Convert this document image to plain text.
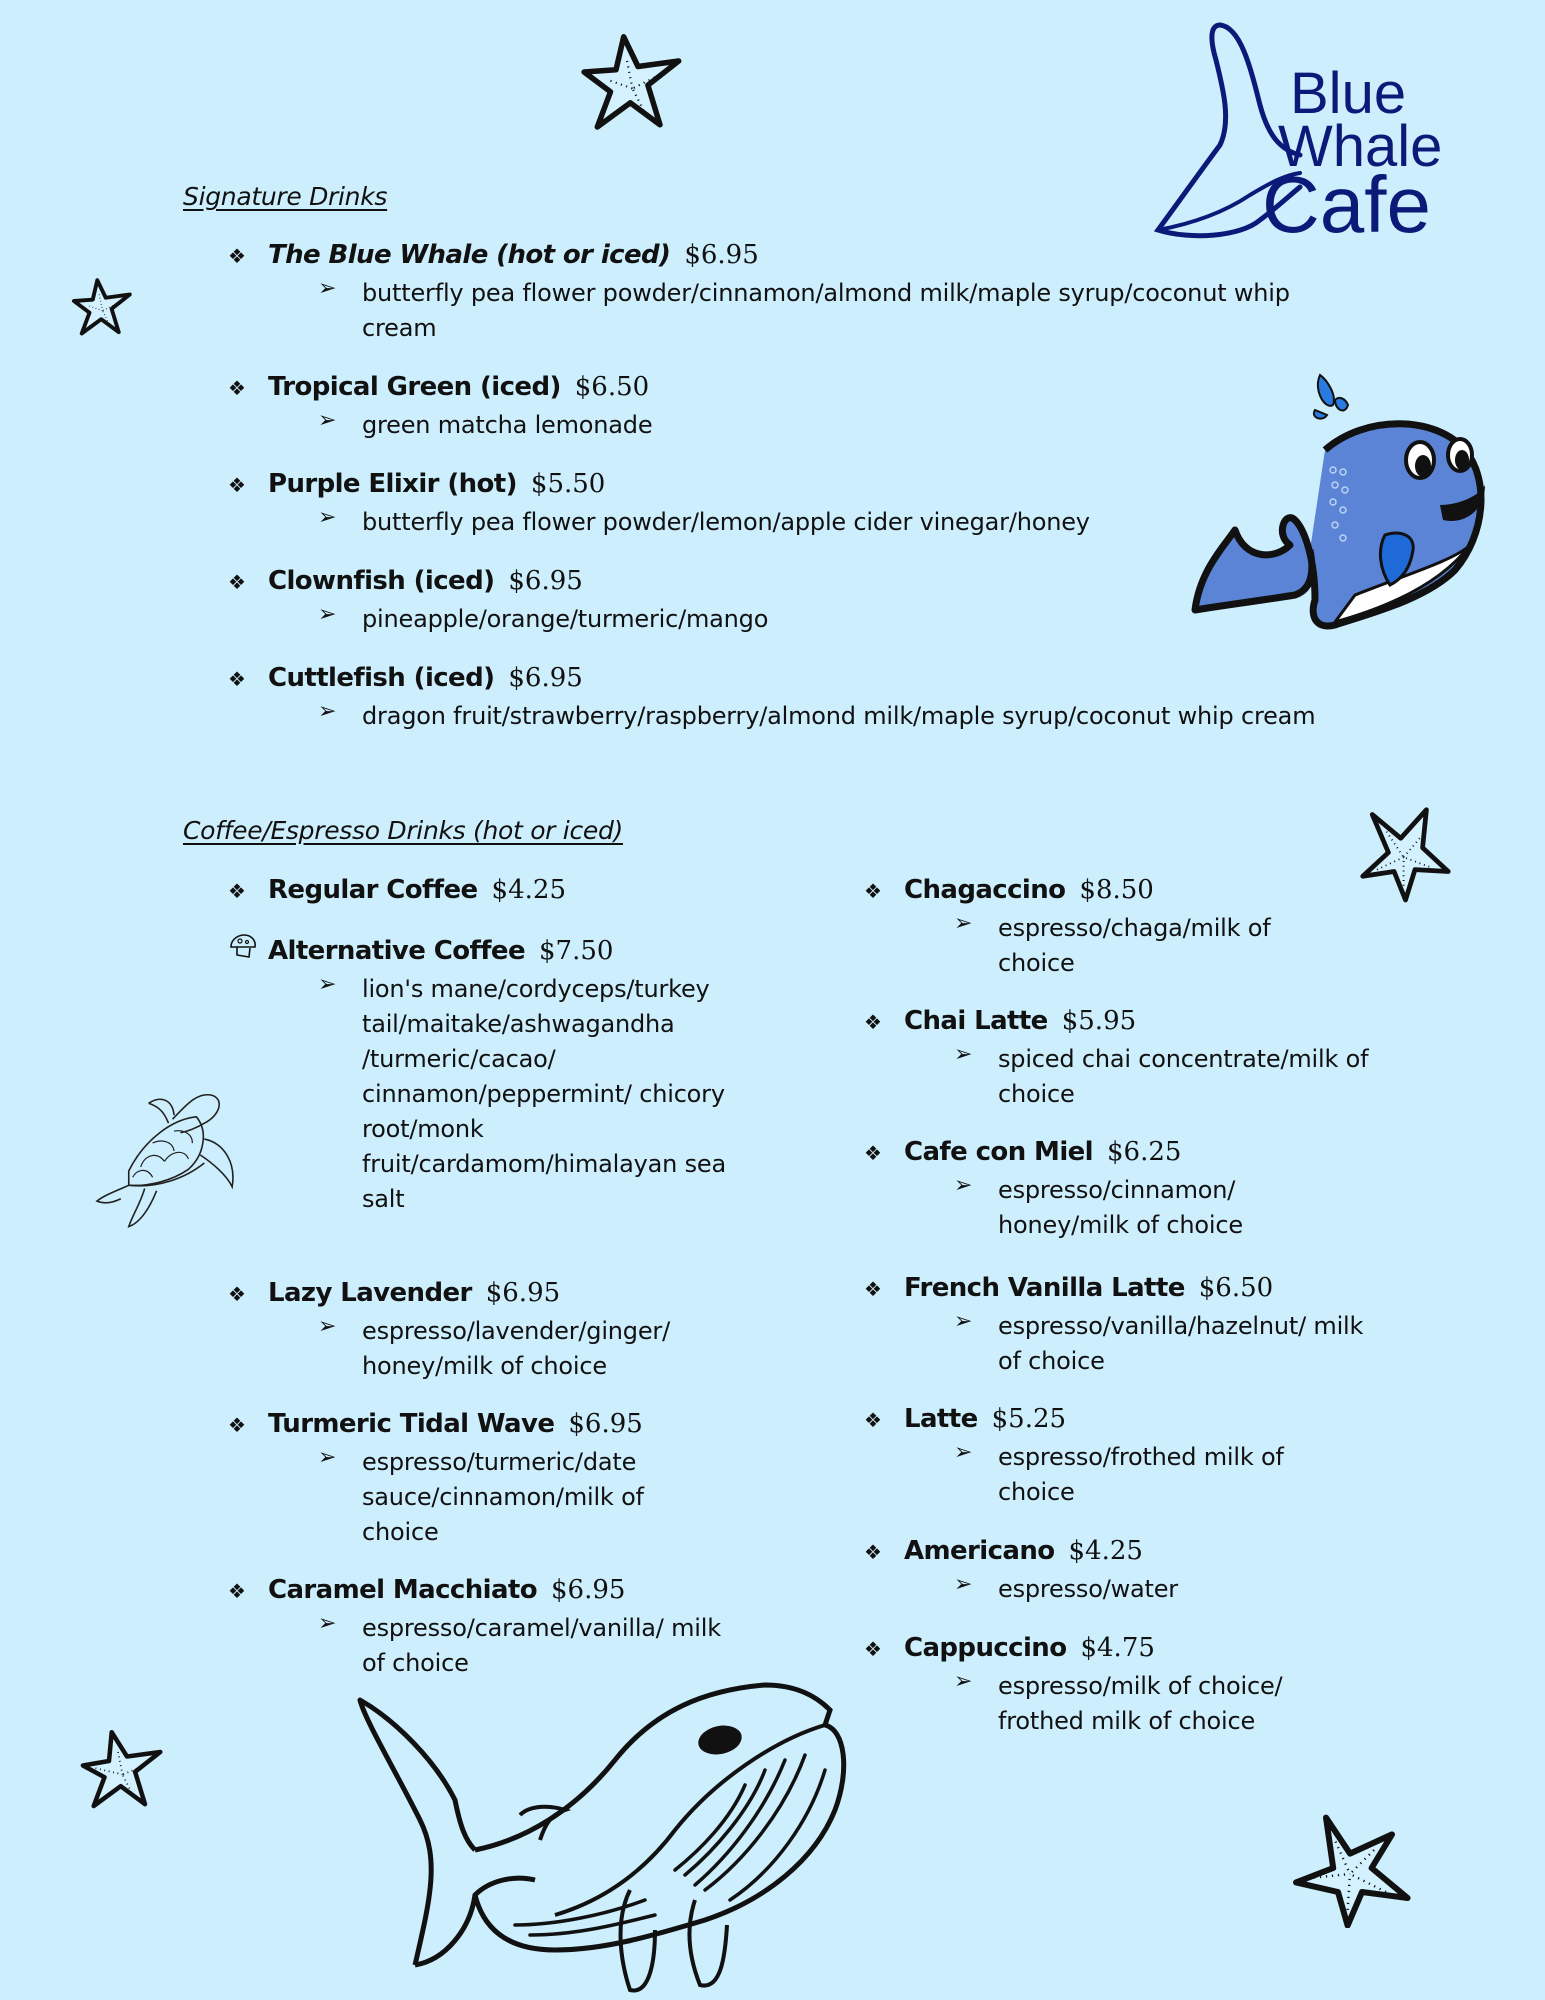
Blue
Whale
Cafe
Signature Drinks
❖ The Blue Whale (hot or iced) $6.95
➢	butterfly pea flower powder/cinnamon/almond milk/maple syrup/coconut whip cream
❖ Tropical Green (iced) $6.50
➢	green matcha lemonade
❖ Purple Elixir (hot) $5.50
➢	butterfly pea flower powder/lemon/apple cider vinegar/honey
❖ Clownfish (iced) $6.95
➢	pineapple/orange/turmeric/mango
❖ Cuttlefish (iced) $6.95
➢	dragon fruit/strawberry/raspberry/almond milk/maple syrup/coconut whip cream
Coffee/Espresso Drinks (hot or iced)
❖ Regular Coffee $4.25
Alternative Coffee $7.50
➢	lion's mane/cordyceps/turkey tail/maitake/ashwagandha /turmeric/cacao/ cinnamon/peppermint/ chicory root/monk fruit/cardamom/himalayan sea salt
❖ Lazy Lavender $6.95
➢	espresso/lavender/ginger/ honey/milk of choice
❖ Turmeric Tidal Wave $6.95
➢	espresso/turmeric/date sauce/cinnamon/milk of choice
❖ Caramel Macchiato $6.95
➢	espresso/caramel/vanilla/ milk of choice
❖ Chagaccino $8.50
➢	espresso/chaga/milk of choice
❖ Chai Latte $5.95
➢	spiced chai concentrate/milk of choice
❖ Cafe con Miel $6.25
➢	espresso/cinnamon/ honey/milk of choice
❖ French Vanilla Latte $6.50
➢	espresso/vanilla/hazelnut/ milk of choice
❖ Latte $5.25
➢	espresso/frothed milk of choice
❖ Americano $4.25
➢	espresso/water
❖ Cappuccino $4.75
➢	espresso/milk of choice/ frothed milk of choice
